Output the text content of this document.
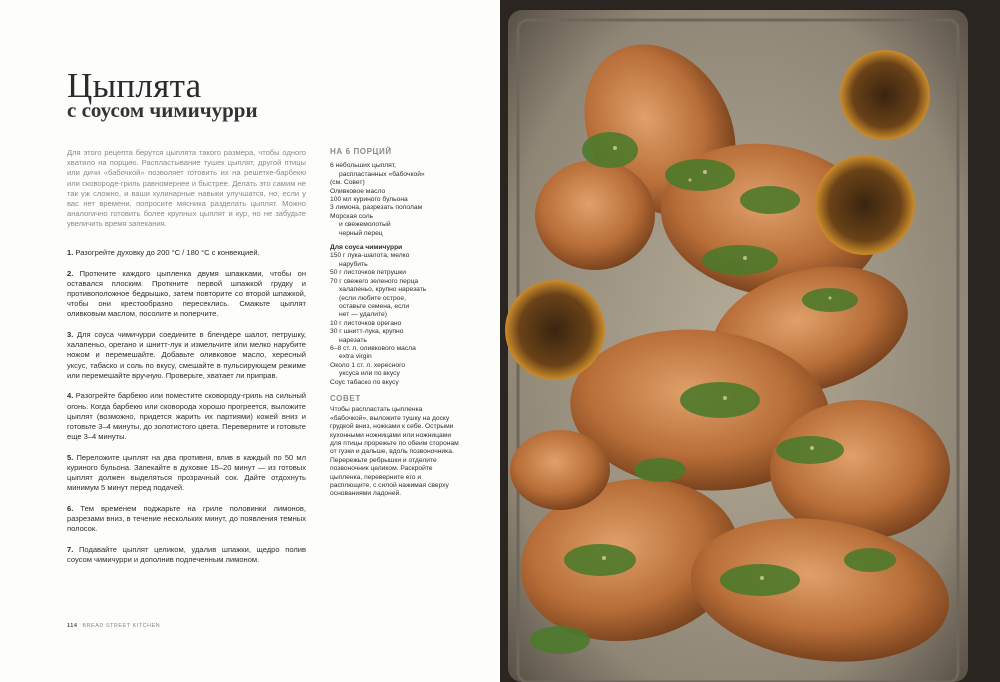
Цыплята
с соусом чимичурри

Для этого рецепта берутся цыплята такого размера, чтобы одного хватило на порцию. Распластывание тушек цыплят, другой птицы или дичи «бабочкой» позволяет готовить их на решетке-барбекю или сковороде-гриль равномернее и быстрее. Делать это самим не так уж сложно, и ваши кулинарные навыки улучшатся, но, если у вас нет времени, попросите мясника разделать цыплят. Можно аналогично готовить более крупных цыплят и кур, но не забудьте увеличить время запекания.

1. Разогрейте духовку до 200 °С / 180 °С с конвекцией.

2. Проткните каждого цыпленка двумя шпажками, чтобы он оставался плоским. Проткните первой шпажкой грудку и противоположное бедрышко, затем повторите со второй шпажкой, чтобы они крестообразно пересеклись. Смажьте цыплят оливковым маслом, посолите и поперчите.

3. Для соуса чимичурри соедините в блендере шалот, петрушку, халапеньо, орегано и шнитт-лук и измельчите или мелко нарубите ножом и перемешайте. Добавьте оливковое масло, хересный уксус, табаско и соль по вкусу, смешайте в пульсирующем режиме или перемешайте вручную. Проверьте, хватает ли приправ.

4. Разогрейте барбекю или поместите сковороду-гриль на сильный огонь. Когда барбекю или сковорода хорошо прогреется, выложите цыплят (возможно, придется жарить их партиями) кожей вниз и готовьте 3–4 минуты, до золотистого цвета. Переверните и готовьте еще 3–4 минуты.

5. Переложите цыплят на два противня, влив в каждый по 50 мл куриного бульона. Запекайте в духовке 15–20 минут — из готовых цыплят должен выделяться прозрачный сок. Дайте отдохнуть минимум 5 минут перед подачей.

6. Тем временем поджарьте на гриле половинки лимонов, разрезами вниз, в течение нескольких минут, до появления темных полосок.

7. Подавайте цыплят целиком, удалив шпажки, щедро полив соусом чимичурри и дополнив подпеченным лимоном.

НА 6 ПОРЦИЙ

6 небольших цыплят,

распластанных «бабочкой»

(см. Совет)

Оливковое масло

100 мл куриного бульона

3 лимона, разрезать пополам

Морская соль

и свежемолотый

черный перец

Для соуса чимичурри

150 г лука-шалота, мелко

нарубить

50 г листочков петрушки

70 г свежего зеленого перца

халапеньо, крупно нарезать

(если любите острое,

оставьте семена, если

нет — удалите)

10 г листочков орегано

30 г шнитт-лука, крупно

нарезать

6–8 ст. л. оливкового масла

extra virgin

Около 1 ст. л. хересного

уксуса или по вкусу

Соус табаско по вкусу

СОВЕТ

Чтобы распластать цыпленка «бабочкой», выложите тушку на доску грудкой вниз, ножками к себе. Острыми кухонными ножницами или ножницами для птицы прорежьте по обеим сторонам от гузки и дальше, вдоль позвоночника. Перережьте ребрышки и отделите позвоночник целиком. Раскройте цыпленка, переверните его и расплющите, с силой нажимая сверху основаниями ладоней.

114 BREAD STREET KITCHEN
